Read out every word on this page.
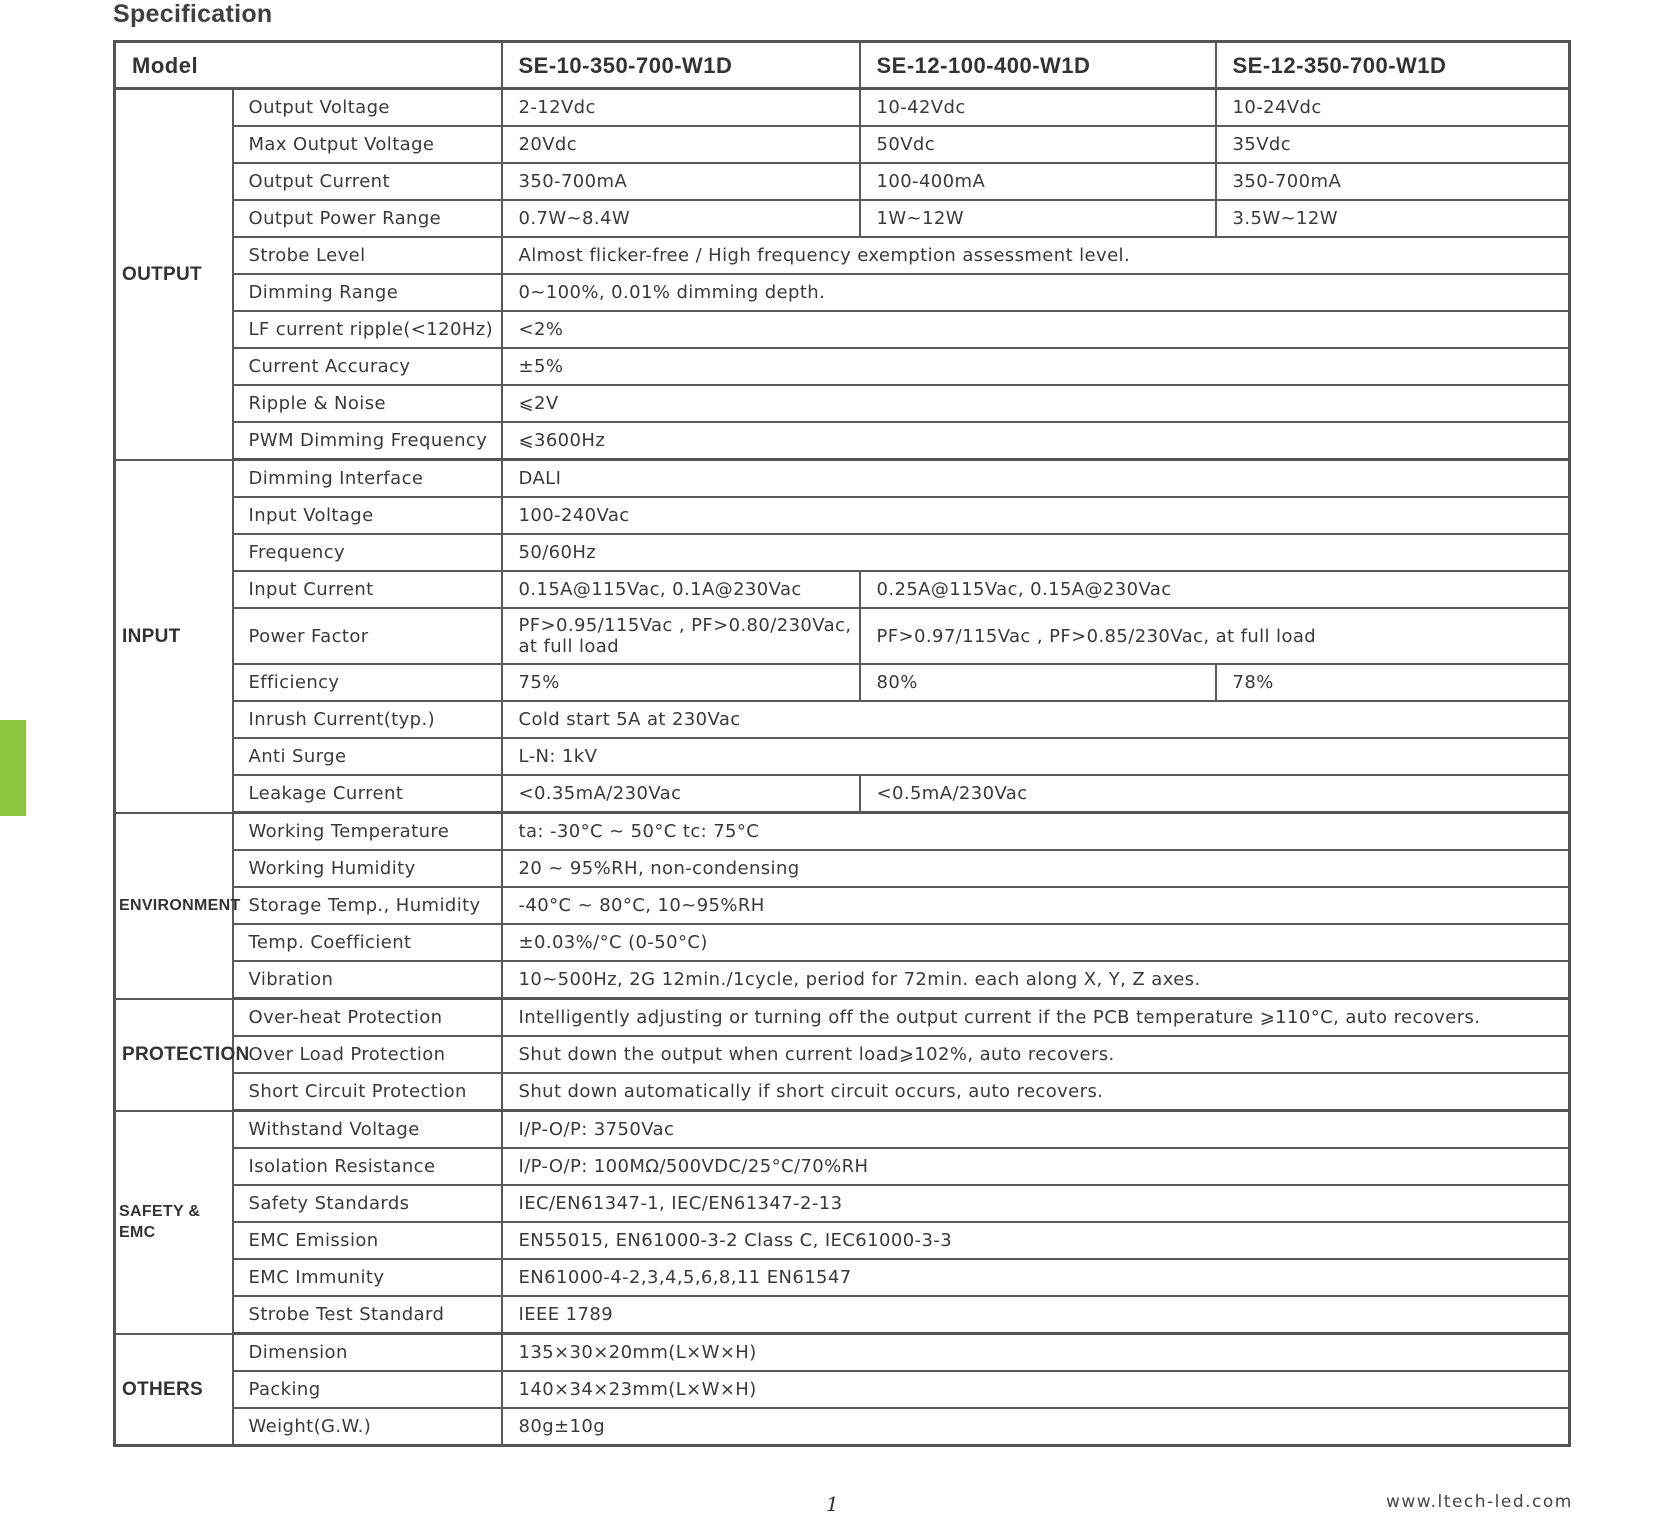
Specification
Model		SE-10-350-700-W1D	SE-12-100-400-W1D	SE-12-350-700-W1D
OUTPUT	Output Voltage	2-12Vdc	10-42Vdc	10-24Vdc
	Max Output Voltage	20Vdc	50Vdc	35Vdc
	Output Current	350-700mA	100-400mA	350-700mA
	Output Power Range	0.7W~8.4W	1W~12W	3.5W~12W
	Strobe Level	Almost flicker-free / High frequency exemption assessment level.		
	Dimming Range	0~100%, 0.01% dimming depth.		
	LF current ripple(<120Hz)	<2%		
	Current Accuracy	±5%		
	Ripple & Noise	⩽2V		
	PWM Dimming Frequency	⩽3600Hz		
INPUT	Dimming Interface	DALI		
	Input Voltage	100-240Vac		
	Frequency	50/60Hz		
	Input Current	0.15A@115Vac, 0.1A@230Vac	0.25A@115Vac, 0.15A@230Vac	
	Power Factor	PF>0.95/115Vac , PF>0.80/230Vac, at full load	PF>0.97/115Vac , PF>0.85/230Vac, at full load	
	Efficiency	75%	80%	78%
	Inrush Current(typ.)	Cold start 5A at 230Vac		
	Anti Surge	L-N: 1kV		
	Leakage Current	<0.35mA/230Vac	<0.5mA/230Vac	
ENVIRONMENT	Working Temperature	ta: -30°C ~ 50°C tc: 75°C		
	Working Humidity	20 ~ 95%RH, non-condensing		
	Storage Temp., Humidity	-40°C ~ 80°C, 10~95%RH		
	Temp. Coefficient	±0.03%/°C (0-50°C)		
	Vibration	10~500Hz, 2G 12min./1cycle, period for 72min. each along X, Y, Z axes.		
PROTECTION	Over-heat Protection	Intelligently adjusting or turning off the output current if the PCB temperature ⩾110°C, auto recovers.		
	Over Load Protection	Shut down the output when current load⩾102%, auto recovers.		
	Short Circuit Protection	Shut down automatically if short circuit occurs, auto recovers.		
SAFETY & EMC	Withstand Voltage	I/P-O/P: 3750Vac		
	Isolation Resistance	I/P-O/P: 100MΩ/500VDC/25°C/70%RH		
	Safety Standards	IEC/EN61347-1, IEC/EN61347-2-13		
	EMC Emission	EN55015, EN61000-3-2 Class C, IEC61000-3-3		
	EMC Immunity	EN61000-4-2,3,4,5,6,8,11 EN61547		
	Strobe Test Standard	IEEE 1789		
OTHERS	Dimension	135×30×20mm(L×W×H)		
	Packing	140×34×23mm(L×W×H)		
	Weight(G.W.)	80g±10g		
1	www.ltech-led.com
